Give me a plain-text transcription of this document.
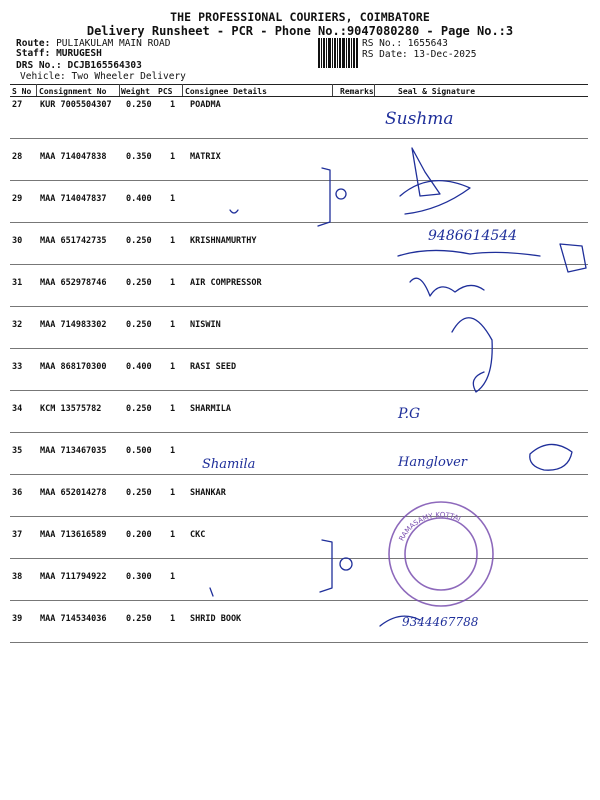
THE PROFESSIONAL COURIERS, COIMBATORE
Delivery Runsheet - PCR - Phone No.:9047080280 - Page No.:3
Route: PULIAKULAM MAIN ROAD
Staff: MURUGESH
DRS No.: DCJB165564303
Vehicle: Two Wheeler Delivery
RS No.: 1655643
RS Date: 13-Dec-2025
S No Consignment No Weight PCS Consignee Details	Remarks	Seal & Signature
27 KUR 7005504307 0.250 1 POADMA
28 MAA 714047838 0.350 1 MATRIX
29 MAA 714047837 0.400 1
30 MAA 651742735 0.250 1 KRISHNAMURTHY
31 MAA 652978746 0.250 1 AIR COMPRESSOR
32 MAA 714983302 0.250 1 NISWIN
33 MAA 868170300 0.400 1 RASI SEED
34 KCM 13575782	0.250 1 SHARMILA
35 MAA 713467035 0.500 1
36 MAA 652014278 0.250 1 SHANKAR
37 MAA 713616589 0.200 1 CKC
38 MAA 711794922 0.300 1
39 MAA 714534036 0.250 1 SHRID BOOK
Sushma
9486614544
P.G
Shamila	Hanglover
9344467788
RAMASAMY KOTTAI
